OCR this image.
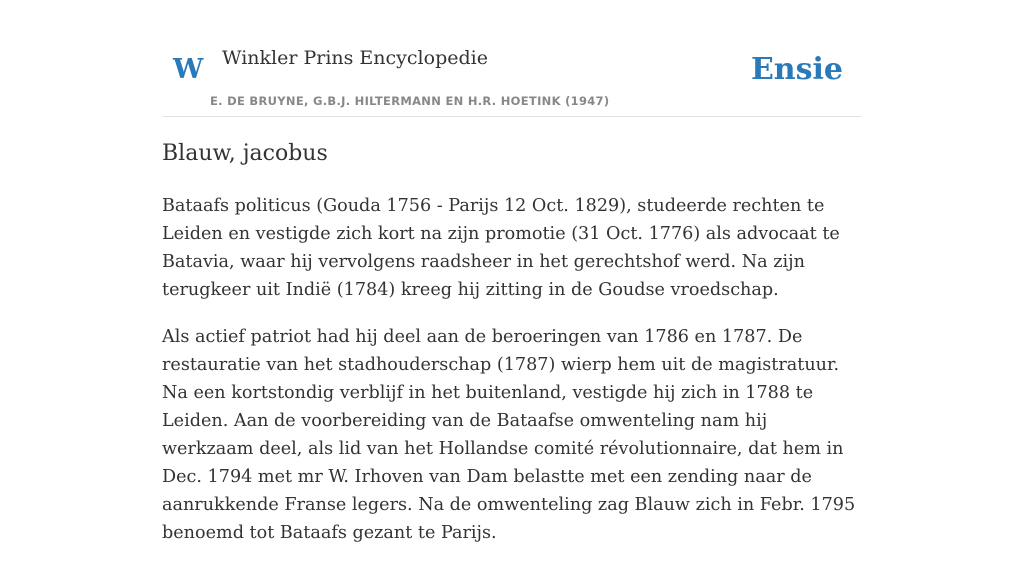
W Winkler Prins Encyclopedie
E. DE BRUYNE, G.B.J. HILTERMANN EN H.R. HOETINK (1947)
Ensie
Blauw, jacobus

Bataafs politicus (Gouda 1756 - Parijs 12 Oct. 1829), studeerde rechten te Leiden en vestigde zich kort na zijn promotie (31 Oct. 1776) als advocaat te Batavia, waar hij vervolgens raadsheer in het gerechtshof werd. Na zijn terugkeer uit Indië (1784) kreeg hij zitting in de Goudse vroedschap.

Als actief patriot had hij deel aan de beroeringen van 1786 en 1787. De restauratie van het stadhouderschap (1787) wierp hem uit de magistratuur. Na een kortstondig verblijf in het buitenland, vestigde hij zich in 1788 te Leiden. Aan de voorbereiding van de Bataafse omwenteling nam hij werkzaam deel, als lid van het Hollandse comité révolutionnaire, dat hem in Dec. 1794 met mr W. Irhoven van Dam belastte met een zending naar de aanrukkende Franse legers. Na de omwenteling zag Blauw zich in Febr. 1795 benoemd tot Bataafs gezant te Parijs.
